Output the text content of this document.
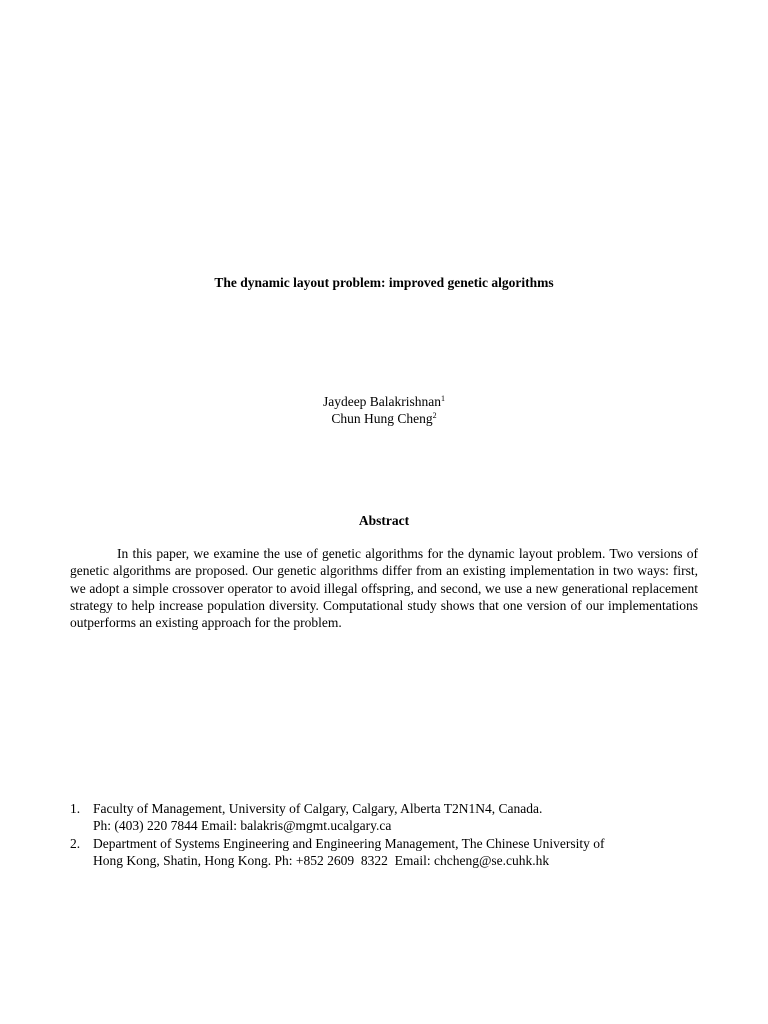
The dynamic layout problem: improved genetic algorithms
Jaydeep Balakrishnan$^1$
Chun Hung Cheng$^2$
Abstract

In this paper, we examine the use of genetic algorithms for the dynamic layout problem. Two versions of genetic algorithms are proposed. Our genetic algorithms differ from an existing implementation in two ways: first, we adopt a simple crossover operator to avoid illegal offspring, and second, we use a new generational replacement strategy to help increase population diversity. Computational study shows that one version of our implementations outperforms an existing approach for the problem.

1. Faculty of Management, University of Calgary, Calgary, Alberta T2N1N4, Canada.
Ph: (403) 220 7844 Email: balakris@mgmt.ucalgary.ca
2. Department of Systems Engineering and Engineering Management, The Chinese University of
Hong Kong, Shatin, Hong Kong. Ph: +852 2609  8322  Email: chcheng@se.cuhk.hk
